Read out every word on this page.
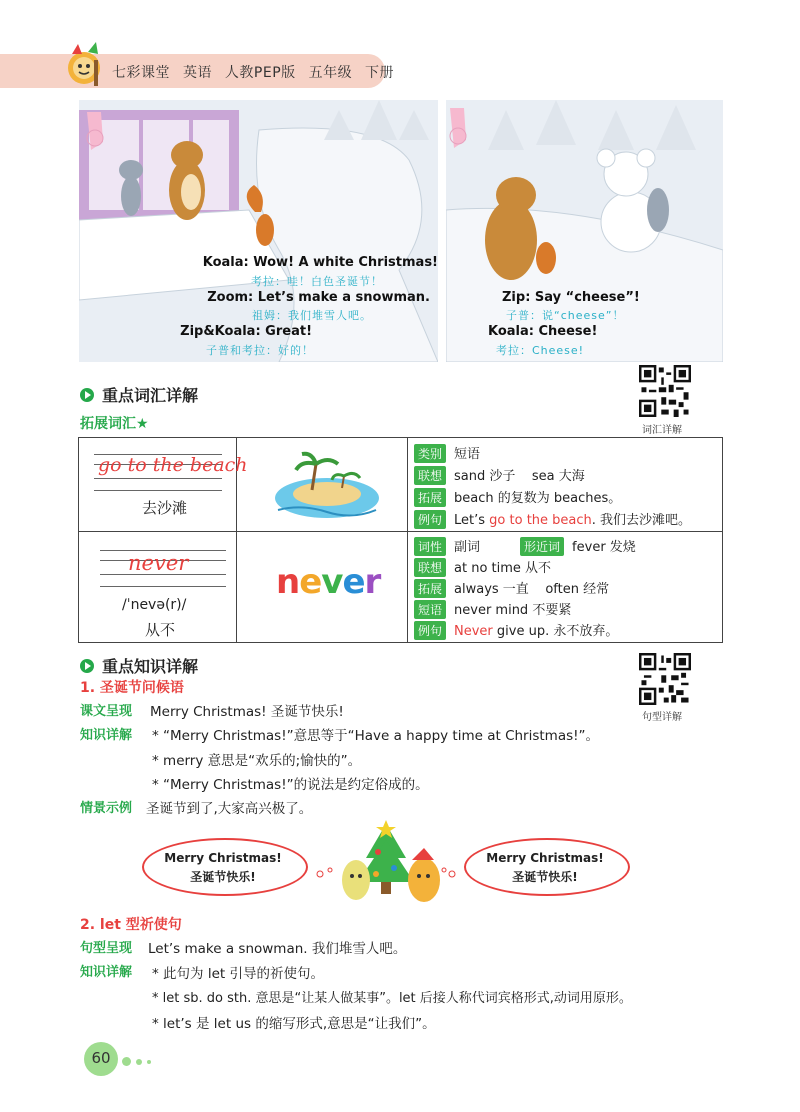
七彩课堂 英语 人教PEP版 五年级 下册
Koala: Wow! A white Christmas!
考拉：哇！白色圣诞节！
Zoom: Let’s make a snowman.
祖姆：我们堆雪人吧。
Zip&Koala: Great!
子普和考拉：好的！
Zip: Say “cheese”!
子普：说“cheese”！
Koala: Cheese!
考拉：Cheese!
重点词汇详解
拓展词汇★	词汇详解
go to the beach
去沙滩
类别 短语
联想 sand 沙子    sea 大海
拓展 beach 的复数为 beaches。
例句 Let’s go to the beach. 我们去沙滩吧。
never
/ˈnevə(r)/
从不
never
词性 副词	形近词 fever 发烧
联想 at no time 从不
拓展 always 一直    often 经常
短语 never mind 不要紧
例句 Never give up. 永不放弃。
重点知识详解
句型详解
1. 圣诞节问候语
课文呈现 Merry Christmas! 圣诞节快乐!
知识详解 * “Merry Christmas!”意思等于“Have a happy time at Christmas!”。
* merry 意思是“欢乐的;愉快的”。
* “Merry Christmas!”的说法是约定俗成的。
情景示例 圣诞节到了,大家高兴极了。
Merry Christmas!
圣诞节快乐!
Merry Christmas!
圣诞节快乐!
2. let 型祈使句
句型呈现 Let’s make a snowman. 我们堆雪人吧。
知识详解 * 此句为 let 引导的祈使句。
* let sb. do sth. 意思是“让某人做某事”。let 后接人称代词宾格形式,动词用原形。
* let’s 是 let us 的缩写形式,意思是“让我们”。
60
